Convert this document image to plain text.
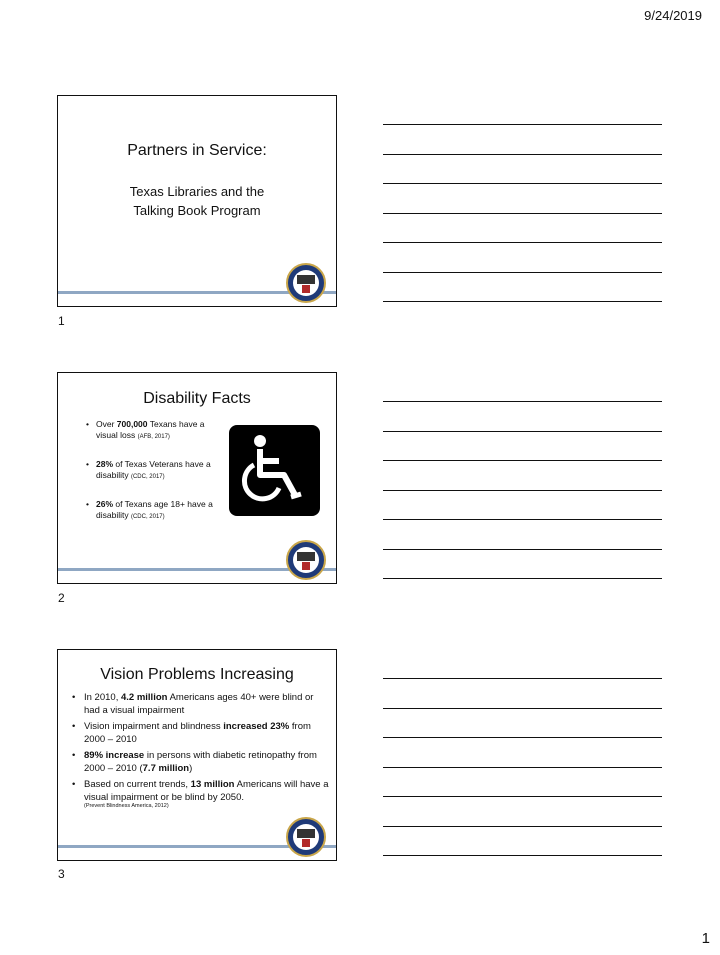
9/24/2019
Partners in Service:
Texas Libraries and the
Talking Book Program
1
Disability Facts
• Over 700,000 Texans have a visual loss (AFB, 2017)
• 28% of Texas Veterans have a disability (CDC, 2017)
• 26% of Texans age 18+ have a disability (CDC, 2017)
2
Vision Problems Increasing
• In 2010, 4.2 million Americans ages 40+ were blind or had a visual impairment
• Vision impairment and blindness increased 23% from 2000 – 2010
• 89% increase in persons with diabetic retinopathy from 2000 – 2010 (7.7 million)
• Based on current trends, 13 million Americans will have a visual impairment or be blind by 2050.
(Prevent Blindness America, 2012)
3
1
